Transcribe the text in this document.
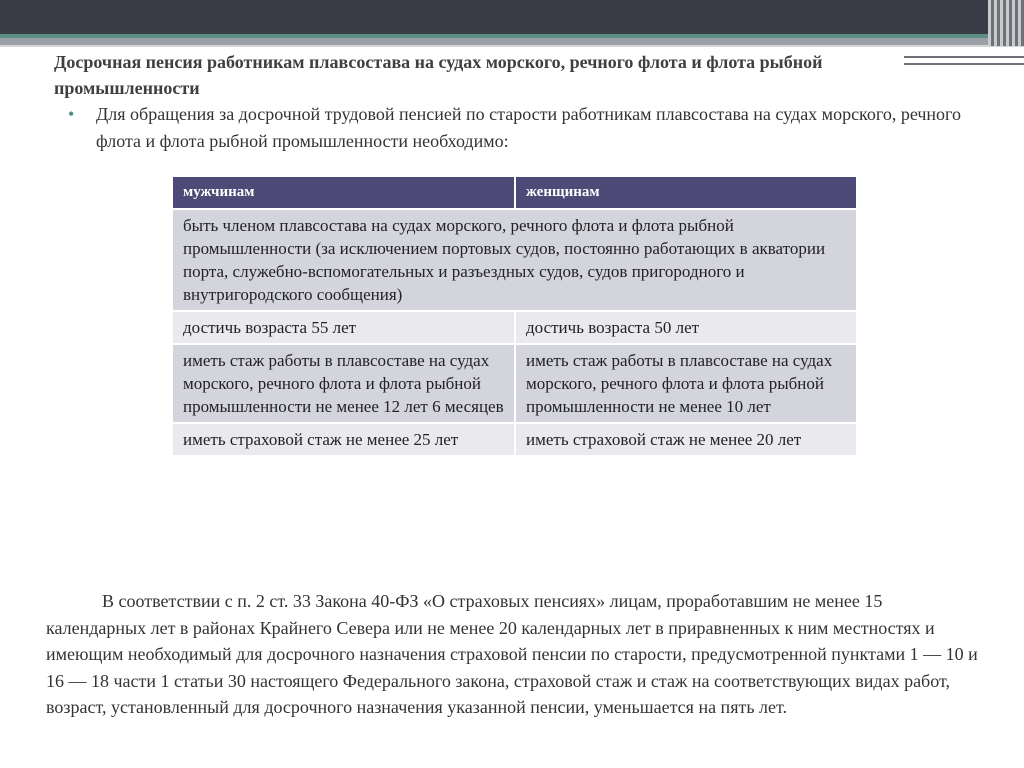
Досрочная пенсия работникам плавсостава на судах морского, речного флота и флота рыбной промышленности
• Для обращения за досрочной трудовой пенсией по старости работникам плавсостава на судах морского, речного флота и флота рыбной промышленности необходимо:
мужчинам	женщинам
быть членом плавсостава на судах морского, речного флота и флота рыбной промышленности (за исключением портовых судов, постоянно работающих в акватории порта, служебно-вспомогательных и разъездных судов, судов пригородного и внутригородского сообщения)	
достичь возраста 55 лет	достичь возраста 50 лет
иметь стаж работы в плавсоставе на судах морского, речного флота и флота рыбной промышленности не менее 12 лет 6 месяцев	иметь стаж работы в плавсоставе на судах морского, речного флота и флота рыбной промышленности не менее 10 лет
иметь страховой стаж не менее 25 лет	иметь страховой стаж не менее 20 лет

В соответствии с п. 2 ст. 33 Закона 40-ФЗ «О страховых пенсиях» лицам, проработавшим не менее 15 календарных лет в районах Крайнего Севера или не менее 20 календарных лет в приравненных к ним местностях и имеющим необходимый для досрочного назначения страховой пенсии по старости, предусмотренной пунктами 1 — 10 и 16 — 18 части 1 статьи 30 настоящего Федерального закона, страховой стаж и стаж на соответствующих видах работ, возраст, установленный для досрочного назначения указанной пенсии, уменьшается на пять лет.
